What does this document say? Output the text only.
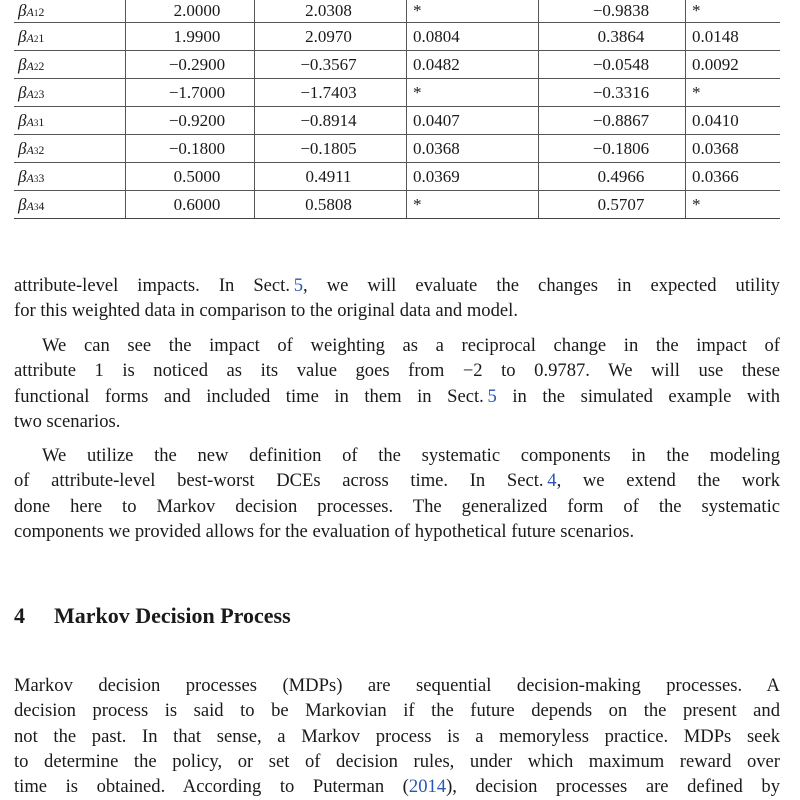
βA12	2.0000	2.0308	*	−0.9838	*
βA21	1.9900	2.0970	0.0804	0.3864	0.0148
βA22	−0.2900	−0.3567	0.0482	−0.0548	0.0092
βA23	−1.7000	−1.7403	*	−0.3316	*
βA31	−0.9200	−0.8914	0.0407	−0.8867	0.0410
βA32	−0.1800	−0.1805	0.0368	−0.1806	0.0368
βA33	0.5000	0.4911	0.0369	0.4966	0.0366
βA34	0.6000	0.5808	*	0.5707	*

attribute-level impacts. In Sect. 5, we will evaluate the changes in expected utility
for this weighted data in comparison to the original data and model.

We can see the impact of weighting as a reciprocal change in the impact of
attribute 1 is noticed as its value goes from −2 to 0.9787. We will use these
functional forms and included time in them in Sect. 5 in the simulated example with
two scenarios.

We utilize the new definition of the systematic components in the modeling
of attribute-level best-worst DCEs across time. In Sect. 4, we extend the work
done here to Markov decision processes. The generalized form of the systematic
components we provided allows for the evaluation of hypothetical future scenarios.

4 Markov Decision Process

Markov decision processes (MDPs) are sequential decision-making processes. A
decision process is said to be Markovian if the future depends on the present and
not the past. In that sense, a Markov process is a memoryless practice. MDPs seek
to determine the policy, or set of decision rules, under which maximum reward over
time is obtained. According to Puterman (2014), decision processes are defined by
